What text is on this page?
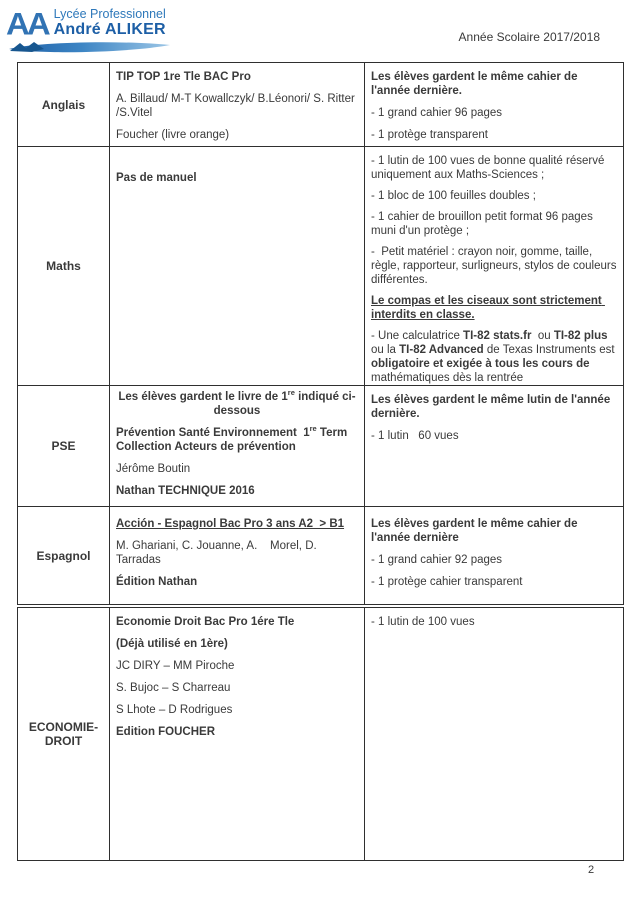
AA Lycée Professionnel
André ALIKER	Année Scolaire 2017/2018
Anglais

TIP TOP 1re Tle BAC Pro

A. Billaud/ M-T Kowallczyk/ B.Léonori/ S. Ritter /S.Vitel

Foucher (livre orange)

Les élèves gardent le même cahier de l'année dernière.

- 1 grand cahier 96 pages

- 1 protège transparent

Maths

Pas de manuel

- 1 lutin de 100 vues de bonne qualité réservé uniquement aux Maths-Sciences ;

- 1 bloc de 100 feuilles doubles ;

- 1 cahier de brouillon petit format 96 pages muni d'un protège ;

-  Petit matériel : crayon noir, gomme, taille, règle, rapporteur, surligneurs, stylos de couleurs différentes.

Le compas et les ciseaux sont strictement interdits en classe.

- Une calculatrice TI-82 stats.fr  ou TI-82 plus ou la TI-82 Advanced de Texas Instruments est obligatoire et exigée à tous les cours de mathématiques dès la rentrée

PSE

Les élèves gardent le livre de 1re indiqué ci-dessous

Prévention Santé Environnement  1re Term
Collection Acteurs de prévention

Jérôme Boutin

Nathan TECHNIQUE 2016

Les élèves gardent le même lutin de l'année dernière.

- 1 lutin   60 vues

Espagnol

Acción - Espagnol Bac Pro 3 ans A2  > B1

M. Ghariani, C. Jouanne, A.    Morel, D. Tarradas

Édition Nathan

Les élèves gardent le même cahier de l'année dernière

- 1 grand cahier 92 pages

- 1 protège cahier transparent

ECONOMIE-DROIT

Economie Droit Bac Pro 1ére Tle

(Déjà utilisé en 1ère)

JC DIRY – MM Piroche

S. Bujoc – S Charreau

S Lhote – D Rodrigues

Edition FOUCHER

- 1 lutin de 100 vues

2
